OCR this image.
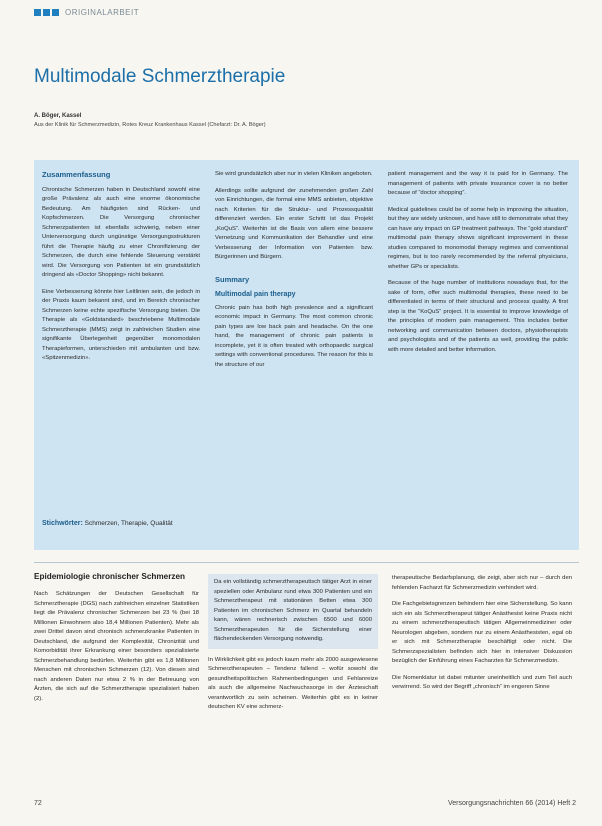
ORIGINALARBEIT
Multimodale Schmerztherapie
A. Böger, Kassel
Aus der Klinik für Schmerzmedizin, Rotes Kreuz Krankenhaus Kassel (Chefarzt: Dr. A. Böger)
Zusammenfassung

Chronische Schmerzen haben in Deutschland sowohl eine große Prävalenz als auch eine enorme ökonomische Bedeutung. Am häufigsten sind Rücken- und Kopfschmerzen. Die Versorgung chronischer Schmerzpatienten ist ebenfalls schwierig, neben einer Unterversorgung durch ungünstige Versorgungsstrukturen führt die Therapie häufig zu einer Chronifizierung der Schmerzen, die durch eine fehlende Steuerung verstärkt wird. Die Versorgung von Patienten ist ein grundsätzlich dringend als «Doctor Shopping» nicht bekannt.

Eine Verbesserung könnte hier Leitlinien sein, die jedoch in der Praxis kaum bekannt sind, und im Bereich chronischer Schmerzen keine echte spezifische Versorgung bieten. Die Therapie als «Goldstandard» beschriebene Multimodale Schmerztherapie (MMS) zeigt in zahlreichen Studien eine signifikante Überlegenheit gegenüber monomodalen Therapieformen, unterschieden mit ambulanten und bzw. «Spitzenmedizin».

Sie wird grundsätzlich aber nur in vielen Kliniken angeboten.

Allerdings sollte aufgrund der zunehmenden großen Zahl von Einrichtungen, die formal eine MMS anbieten, objektive nach Kriterien für die Struktur- und Prozessqualität differenziert werden. Ein erster Schritt ist das Projekt „KoQuS“. Weiterhin ist die Basis von allem eine bessere Vernetzung und Kommunikation der Behandler und eine Verbesserung der Information von Patienten bzw. Bürgerinnen und Bürgern.

Summary
Multimodal pain therapy

Chronic pain has both high prevalence and a significant economic impact in Germany. The most common chronic pain types are low back pain and headache. On the one hand, the management of chronic pain patients is incomplete, yet it is often treated with orthopaedic surgical settings with conventional procedures. The reason for this is the structure of our

patient management and the way it is paid for in Germany. The management of patients with private insurance cover is no better because of “doctor shopping”.

Medical guidelines could be of some help in improving the situation, but they are widely unknown, and have still to demonstrate what they can have any impact on GP treatment pathways. The “gold standard” multimodal pain therapy shows significant improvement in these studies compared to monomodal therapy regimes and conventional regimes, but is too rarely recommended by the referral physicians, whether GPs or specialists.

Because of the huge number of institutions nowadays that, for the sake of form, offer such multimodal therapies, these need to be differentiated in terms of their structural and process quality. A first step is the “KoQuS” project. It is essential to improve knowledge of the principles of modern pain management. This includes better networking and communication between doctors, physiotherapists and psychologists and of the patients as well, providing the public with more detailed and better information.

Stichwörter: Schmerzen, Therapie, Qualität
Epidemiologie chronischer Schmerzen

Nach Schätzungen der Deutschen Gesellschaft für Schmerztherapie (DGS) nach zahlreichen einzelner Statistiken liegt die Prävalenz chronischer Schmerzen bei 23 % (bei 18 Millionen Einwohnern also 18,4 Millionen Patienten). Mehr als zwei Drittel davon sind chronisch schmerzkranke Patienten in Deutschland, die aufgrund der Komplexität, Chronizität und Komorbidität ihrer Erkrankung einer besonders spezialisierte Schmerzbehandlung bedürfen. Weiterhin gibt es 1,8 Millionen Menschen mit chronischen Schmerzen (12). Von diesen sind nach anderen Daten nur etwa 2 % in der Betreuung von Ärzten, die sich auf die Schmerztherapie spezialisiert haben (2).

Da ein vollständig schmerztherapeutisch tätiger Arzt in einer speziellen oder Ambulanz rund etwa 300 Patienten und ein Schmerztherapeut mit stationären Betten etwa 300 Patienten im chronischen Schmerz im Quartal behandeln kann, wären rechnerisch zwischen 6500 und 6000 Schmerztherapeuten für die Sicherstellung einer flächendeckenden Versorgung notwendig.

In Wirklichkeit gibt es jedoch kaum mehr als 2000 ausgewiesene Schmerztherapeuten – Tendenz fallend – wofür sowohl die gesundheitspolitischen Rahmenbedingungen und Fehlanreize als auch die allgemeine Nachwuchssorge in der Ärzteschaft verantwortlich zu sein scheinen. Weiterhin gibt es in keiner deutschen KV eine schmerz-

therapeutische Bedarfsplanung, die zeigt, aber sich nur – durch den fehlenden Facharzt für Schmerzmedizin verhindert wird.

Die Fachgebietsgrenzen behindern hier eine Sicherstellung. So kann sich ein als Schmerztherapeut tätiger Anästhesist keine Praxis nicht zu einem schmerztherapeutisch tätigen Allgemeinmediziner oder Neurologen abgeben, sondern nur zu einem Anästhesisten, egal ob er sich mit Schmerztherapie beschäftigt oder nicht. Die Schmerzspezialisten befinden sich hier in intensiver Diskussion bezüglich der Einführung eines Facharztes für Schmerzmedizin.

Die Nomenklatur ist dabei mitunter uneinheitlich und zum Teil auch verwirrend. So wird der Begriff „chronisch“ im engeren Sinne

72	Versorgungsnachrichten 66 (2014) Heft 2
